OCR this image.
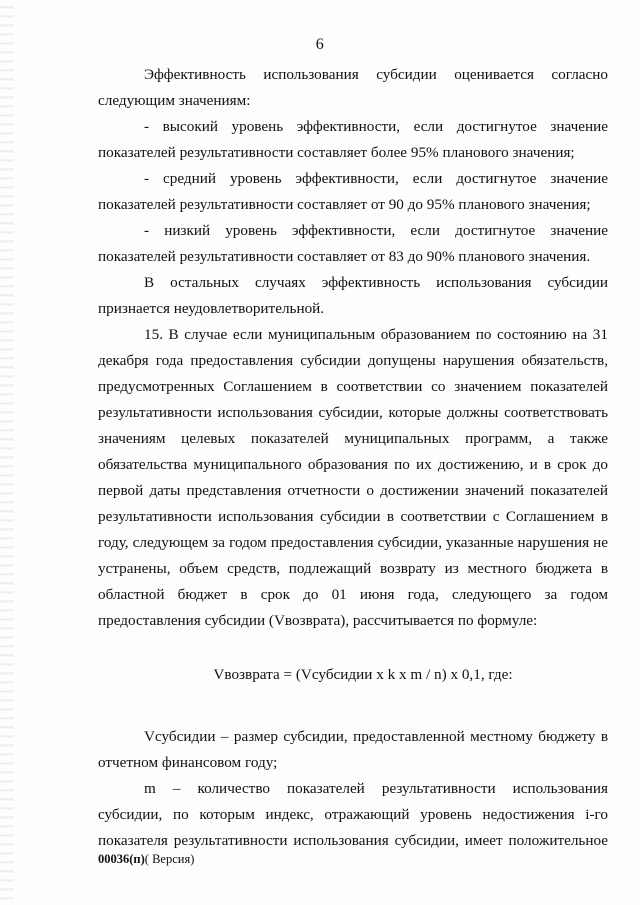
6

Эффективность использования субсидии оценивается согласно следующим значениям:

- высокий уровень эффективности, если достигнутое значение показателей результативности составляет более 95% планового значения;

- средний уровень эффективности, если достигнутое значение показателей результативности составляет от 90 до 95% планового значения;

- низкий уровень эффективности, если достигнутое значение показателей результативности составляет от 83 до 90% планового значения.

В остальных случаях эффективность использования субсидии признается неудовлетворительной.

15. В случае если муниципальным образованием по состоянию на 31 декабря года предоставления субсидии допущены нарушения обязательств, предусмотренных Соглашением в соответствии со значением показателей результативности использования субсидии, которые должны соответствовать значениям целевых показателей муниципальных программ, а также обязательства муниципального образования по их достижению, и в срок до первой даты представления отчетности о достижении значений показателей результативности использования субсидии в соответствии с Соглашением в году, следующем за годом предоставления субсидии, указанные нарушения не устранены, объем средств, подлежащий возврату из местного бюджета в областной бюджет в срок до 01 июня года, следующего за годом предоставления субсидии (Vвозврата), рассчитывается по формуле:

Vвозврата = (Vсубсидии x k x m / n) x 0,1, где:

Vсубсидии – размер субсидии, предоставленной местному бюджету в отчетном финансовом году;

m – количество показателей результативности использования субсидии, по которым индекс, отражающий уровень недостижения i-го показателя результативности использования субсидии, имеет положительное

00036(п)( Версия)
